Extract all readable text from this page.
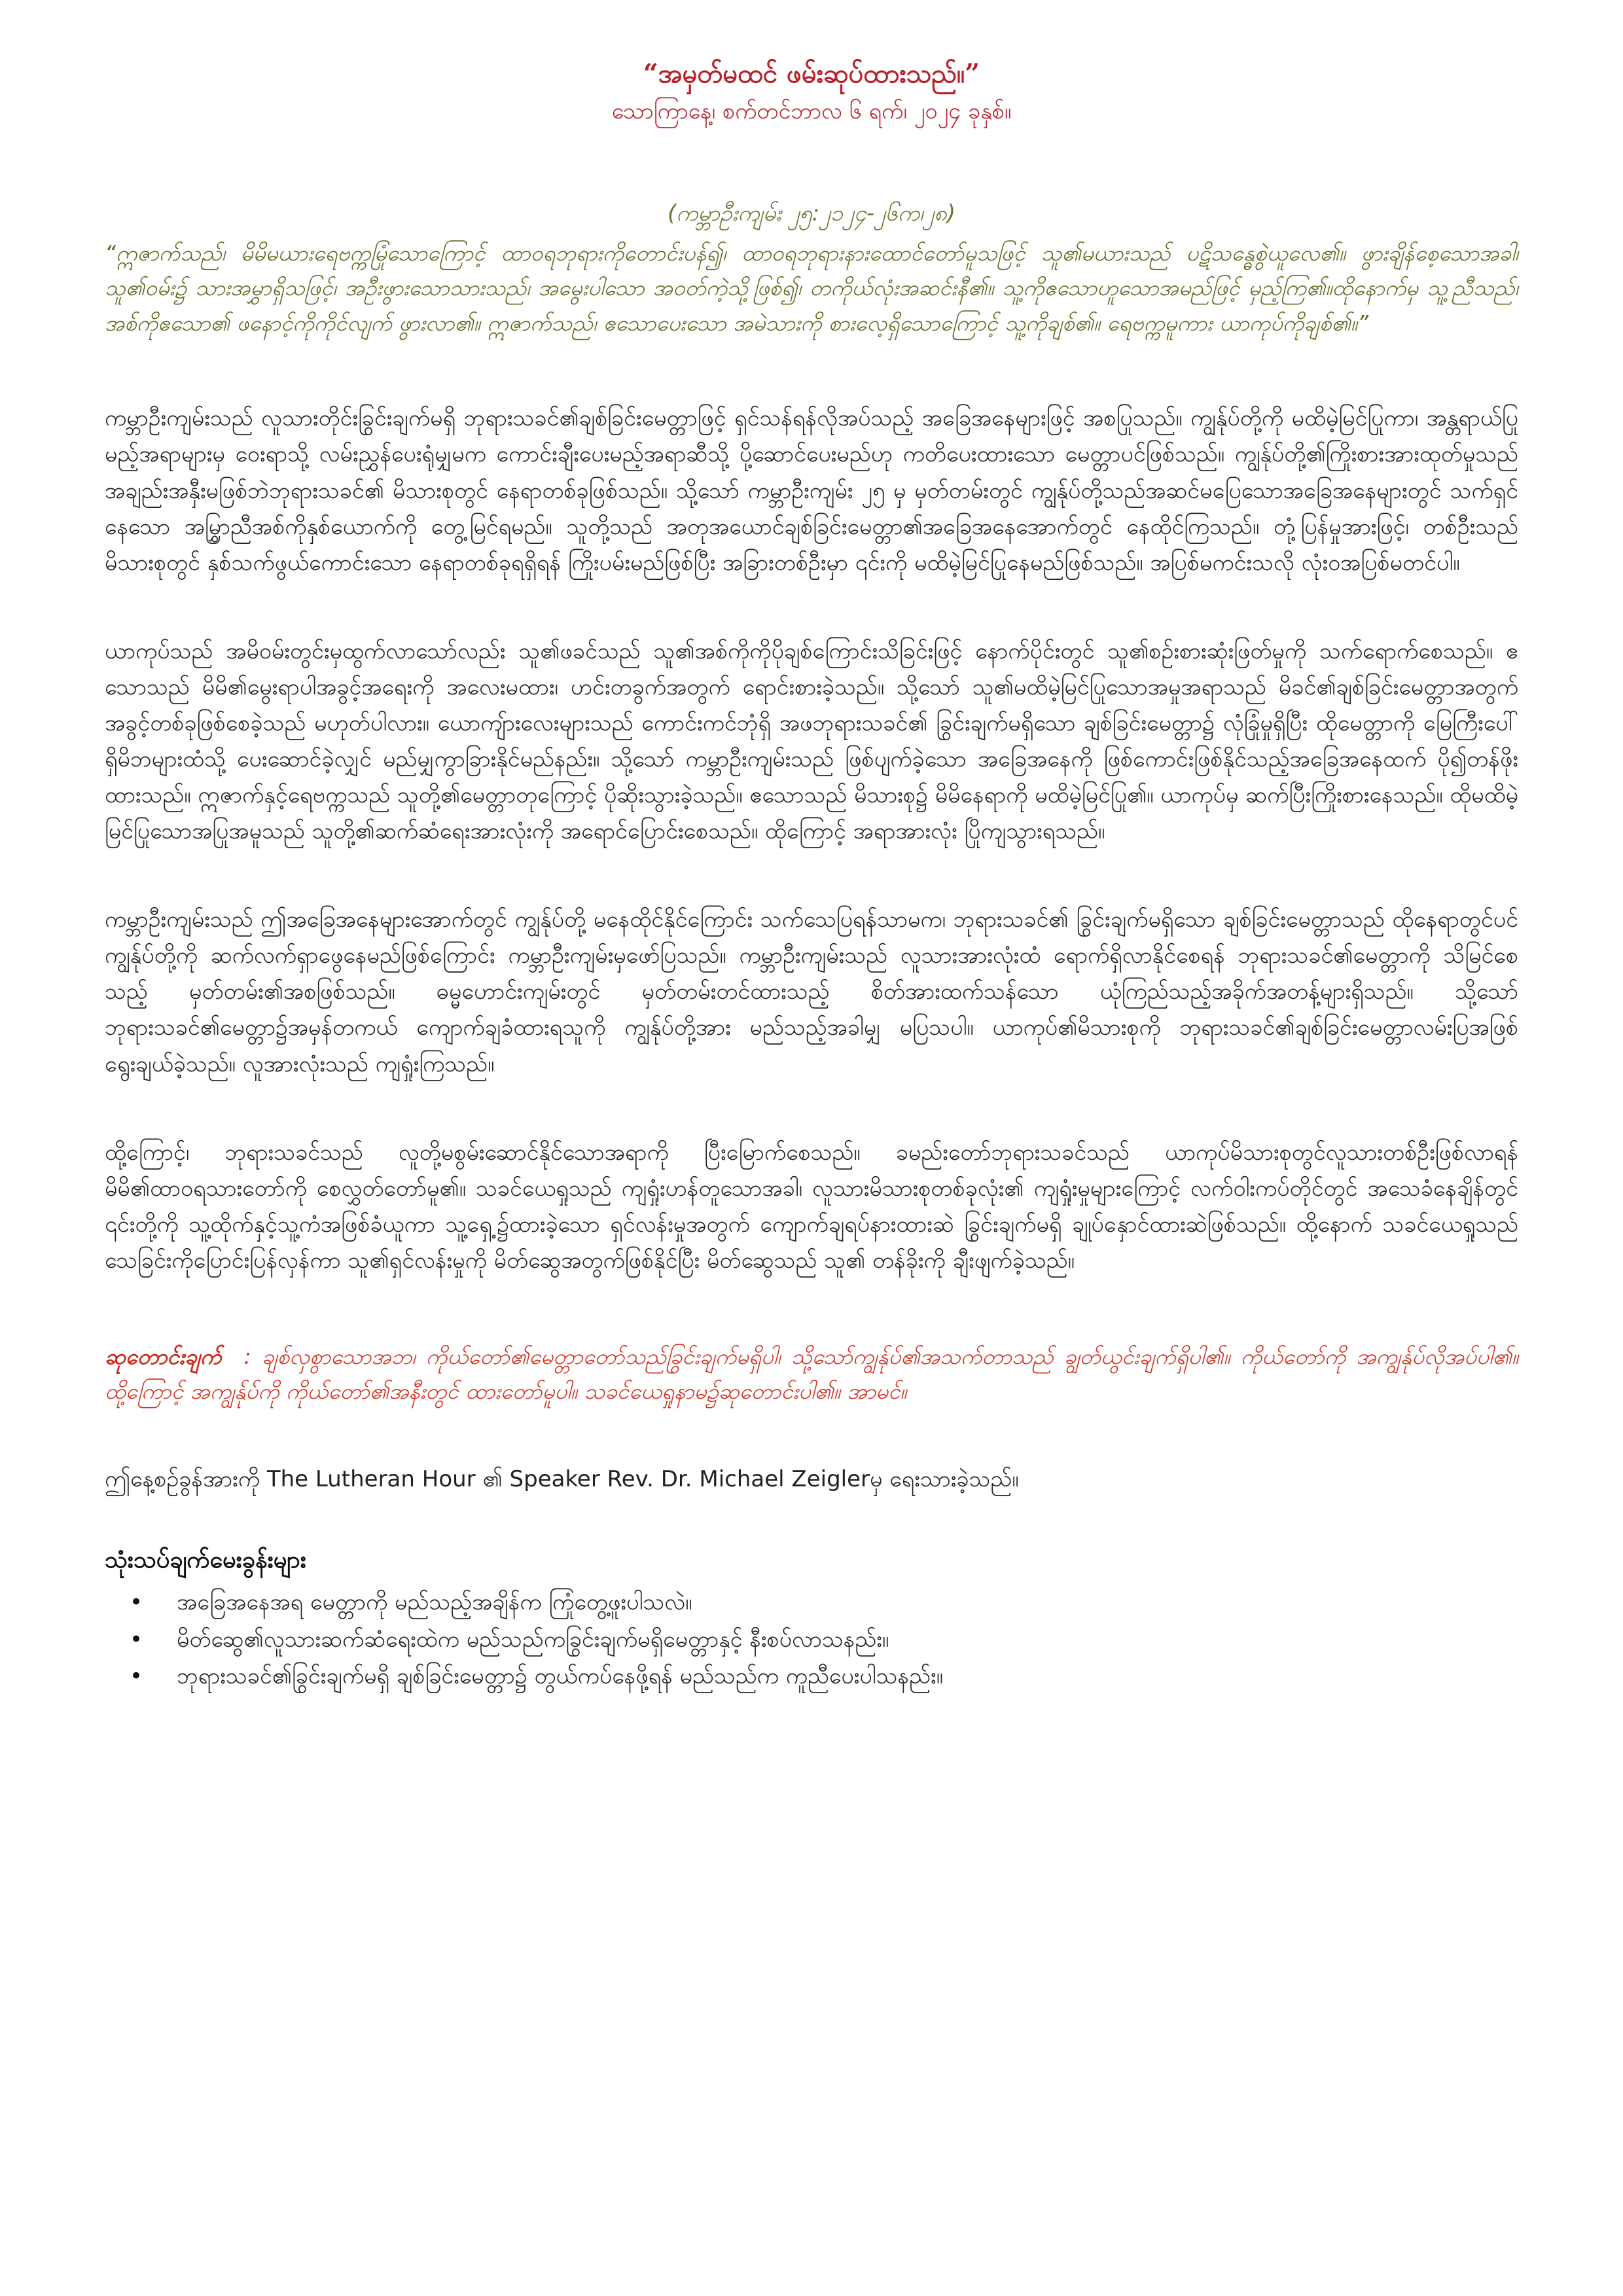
“အမှတ်မထင် ဖမ်းဆုပ်ထားသည်။”

သောကြာနေ့၊ စက်တင်ဘာလ ၆ ရက်၊ ၂၀၂၄ ခုနှစ်။

(ကမ္ဘာဦးကျမ်း ၂၅:၂၁၂၄-၂၆က၊၂၈)

“ဣဇာက်သည်၊ မိမိမယားရေဗက္ကမြုံသောကြောင့် ထာဝရဘုရားကိုတောင်းပန်၍၊ ထာဝရဘုရားနားထောင်တော်မူသဖြင့် သူ၏မယားသည် ပဋိသန္ဓေစွဲယူလေ၏။ ဖွားချိန်စေ့သောအခါ၊ သူ၏ဝမ်း၌ သားအမွှာရှိသဖြင့်၊ အဦးဖွားသောသားသည်၊ အမွေးပါသော အဝတ်ကဲ့သို့ဖြစ်၍၊ တကိုယ်လုံးအဆင်းနီ၏။ သူ့ကိုဧသောဟူသောအမည်ဖြင့် မှည့်ကြ၏။ထိုနောက်မှ သူ့ညီသည်၊ အစ်ကိုဧသော၏ ဖနောင့်ကိုကိုင်လျက် ဖွားလာ၏။ ဣဇာက်သည်၊ ဧသောပေးသော အမဲသားကို စားလေ့ရှိသောကြောင့် သူ့ကိုချစ်၏။ ရေဗက္ကမူကား ယာကုပ်ကိုချစ်၏။”

ကမ္ဘာဦးကျမ်းသည် လူသားတိုင်းခြွင်းချက်မရှိ ဘုရားသခင်၏ချစ်ခြင်းမေတ္တာဖြင့် ရှင်သန်ရန်လိုအပ်သည့် အခြေအနေများဖြင့် အစပြုသည်။ ကျွန်ုပ်တို့ကို မထိမဲ့မြင်ပြုကာ၊ အန္တရာယ်ပြုမည့်အရာများမှ ဝေးရာသို့ လမ်းညွှန်ပေးရုံမျှမက ကောင်းချီးပေးမည့်အရာဆီသို့ ပို့ဆောင်ပေးမည်ဟု ကတိပေးထားသော မေတ္တာပင်ဖြစ်သည်။ ကျွန်ုပ်တို့၏ကြိုးစားအားထုတ်မှုသည် အချည်းအနှီးမဖြစ်ဘဲဘုရားသခင်၏ မိသားစုတွင် နေရာတစ်ခုဖြစ်သည်။ သို့သော် ကမ္ဘာဦးကျမ်း ၂၅ မှ မှတ်တမ်းတွင် ကျွန်ုပ်တို့သည်အဆင်မပြေသောအခြေအနေများတွင် သက်ရှင်နေသော အမြွှာညီအစ်ကိုနှစ်ယောက်ကို တွေ့မြင်ရမည်။ သူတို့သည် အတုအယောင်ချစ်ခြင်းမေတ္တာ၏အခြေအနေအောက်တွင် နေထိုင်ကြသည်။ တုံ့ပြန်မှုအားဖြင့်၊ တစ်ဦးသည် မိသားစုတွင် နှစ်သက်ဖွယ်ကောင်းသော နေရာတစ်ခုရရှိရန် ကြိုးပမ်းမည်ဖြစ်ပြီး အခြားတစ်ဦးမှာ ၎င်းကို မထိမဲ့မြင်ပြုနေမည်ဖြစ်သည်။ အပြစ်မကင်းသလို လုံးဝအပြစ်မတင်ပါ။

ယာကုပ်သည် အမိဝမ်းတွင်းမှထွက်လာသော်လည်း သူ၏ဖခင်သည် သူ၏အစ်ကိုကိုပိုချစ်ကြောင်းသိခြင်းဖြင့် နောက်ပိုင်းတွင် သူ၏စဉ်းစားဆုံးဖြတ်မှုကို သက်ရောက်စေသည်။ ဧသောသည် မိမိ၏မွေးရာပါအခွင့်အရေးကို အလေးမထား၊ ဟင်းတခွက်အတွက် ရောင်းစားခဲ့သည်။ သို့သော် သူ၏မထိမဲ့မြင်ပြုသောအမှုအရာသည် မိခင်၏ချစ်ခြင်းမေတ္တာအတွက် အခွင့်တစ်ခုဖြစ်စေခဲ့သည် မဟုတ်ပါလား။ ယောကျ်ားလေးများသည် ကောင်းကင်ဘုံရှိ အဖဘုရားသခင်၏ ခြွင်းချက်မရှိသော ချစ်ခြင်းမေတ္တာ၌ လုံခြုံမှုရှိပြီး ထိုမေတ္တာကို မြေကြီးပေါ်ရှိမိဘများထံသို့ ပေးဆောင်ခဲ့လျှင် မည်မျှကွာခြားနိုင်မည်နည်း။ သို့သော် ကမ္ဘာဦးကျမ်းသည် ဖြစ်ပျက်ခဲ့သော အခြေအနေကို ဖြစ်ကောင်းဖြစ်နိုင်သည့်အခြေအနေထက် ပို၍တန်ဖိုးထားသည်။ ဣဇာက်နှင့်ရေဗက္ကသည် သူတို့၏မေတ္တာတုကြောင့် ပိုဆိုးသွားခဲ့သည်။ ဧသောသည် မိသားစု၌ မိမိနေရာကို မထိမဲ့မြင်ပြု၏။ ယာကုပ်မှ ဆက်ပြီးကြိုးစားနေသည်။ ထိုမထိမဲ့မြင်ပြုသောအပြုအမူသည် သူတို့၏ဆက်ဆံရေးအားလုံးကို အရောင်ပြောင်းစေသည်။ ထိုကြောင့် အရာအားလုံး ပြိုကျသွားရသည်။

ကမ္ဘာဦးကျမ်းသည် ဤအခြေအနေများအောက်တွင် ကျွန်ုပ်တို့ မနေထိုင်နိုင်ကြောင်း သက်သေပြရန်သာမက၊ ဘုရားသခင်၏ ခြွင်းချက်မရှိသော ချစ်ခြင်းမေတ္တာသည် ထိုနေရာတွင်ပင် ကျွန်ုပ်တို့ကို ဆက်လက်ရှာဖွေနေမည်ဖြစ်ကြောင်း ကမ္ဘာဦးကျမ်းမှဖော်ပြသည်။ ကမ္ဘာဦးကျမ်းသည် လူသားအားလုံးထံ ရောက်ရှိလာနိုင်စေရန် ဘုရားသခင်၏မေတ္တာကို သိမြင်စေသည့် မှတ်တမ်း၏အစဖြစ်သည်။ ဓမ္မဟောင်းကျမ်းတွင် မှတ်တမ်းတင်ထားသည့် စိတ်အားထက်သန်သော ယုံကြည်သည့်အခိုက်အတန့်များရှိသည်။ သို့သော် ဘုရားသခင်၏မေတ္တာ၌အမှန်တကယ် ကျောက်ချခံထားရသူကို ကျွန်ုပ်တို့အား မည်သည့်အခါမျှ မပြသပါ။ ယာကုပ်၏မိသားစုကို ဘုရားသခင်၏ချစ်ခြင်းမေတ္တာလမ်းပြအဖြစ် ရွေးချယ်ခဲ့သည်။ လူအားလုံးသည် ကျရှုံးကြသည်။

ထို့ကြောင့်၊ ဘုရားသခင်သည် လူတို့မစွမ်းဆောင်နိုင်သောအရာကို ပြီးမြောက်စေသည်။ ခမည်းတော်ဘုရားသခင်သည် ယာကုပ်မိသားစုတွင်လူသားတစ်ဦးဖြစ်လာရန် မိမိ၏ထာဝရသားတော်ကို စေလွှတ်တော်မူ၏။ သခင်ယေရှုသည် ကျရှုံးဟန်တူသောအခါ၊ လူသားမိသားစုတစ်ခုလုံး၏ ကျရှုံးမှုများကြောင့် လက်ဝါးကပ်တိုင်တွင် အသေခံနေချိန်တွင် ၎င်းတို့ကို သူ့ထိုက်နှင့်သူ့ကံအဖြစ်ခံယူကာ သူ့ရှေ့၌ထားခဲ့သော ရှင်လန်းမှုအတွက် ကျောက်ချရပ်နားထားဆဲ ခြွင်းချက်မရှိ ချုပ်နှောင်ထားဆဲဖြစ်သည်။ ထို့နောက် သခင်ယေရှုသည် သေခြင်းကိုပြောင်းပြန်လှန်ကာ သူ၏ရှင်လန်းမှုကို မိတ်ဆွေအတွက်ဖြစ်နိုင်ပြီး မိတ်ဆွေသည် သူ၏ တန်ခိုးကို ချီးဖျက်ခဲ့သည်။

ဆုတောင်းချက် : ချစ်လှစွာသောအဘ၊ ကိုယ်တော်၏မေတ္တာတော်သည်ခြွင်းချက်မရှိပါ၊ သို့သော်ကျွန်ုပ်၏အသက်တာသည် ချွတ်ယွင်းချက်ရှိပါ၏။ ကိုယ်တော်ကို အကျွန်ုပ်လိုအပ်ပါ၏။ ထို့ကြောင့် အကျွန်ုပ်ကို ကိုယ်တော်၏အနီးတွင် ထားတော်မူပါ။ သခင်ယေရှုနာမ၌ဆုတောင်းပါ၏။ အာမင်။

ဤနေ့စဉ်ခွန်အားကို The Lutheran Hour ၏ Speaker Rev. Dr. Michael Zeiglerမှ ရေးသားခဲ့သည်။

သုံးသပ်ချက်မေးခွန်းများ
• အခြေအနေအရ မေတ္တာကို မည်သည့်အချိန်က ကြုံတွေ့ဖူးပါသလဲ။
• မိတ်ဆွေ၏လူသားဆက်ဆံရေးထဲက မည်သည်ကခြွင်းချက်မရှိမေတ္တာနှင့် နီးစပ်လာသနည်း။
• ဘုရားသခင်၏ခြွင်းချက်မရှိ ချစ်ခြင်းမေတ္တာ၌ တွယ်ကပ်နေဖို့ရန် မည်သည်က ကူညီပေးပါသနည်း။
